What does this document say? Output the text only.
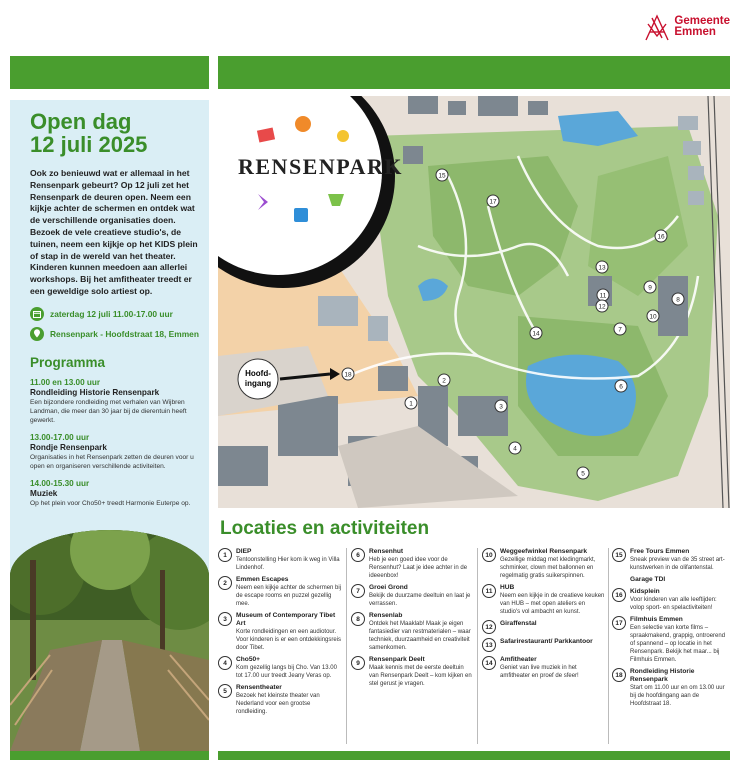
Gemeente
Emmen
Open dag
12 juli 2025

Ook zo benieuwd wat er allemaal in het Rensenpark gebeurt? Op 12 juli zet het Rensenpark de deuren open. Neem een kijkje achter de schermen en ontdek wat de verschillende organisaties doen. Bezoek de vele creatieve studio's, de tuinen, neem een kijkje op het KIDS plein of stap in de wereld van het theater. Kinderen kunnen meedoen aan allerlei workshops. Bij het amfitheater treedt er een geweldige solo artiest op.

zaterdag 12 juli 11.00-17.00 uur
Rensenpark - Hoofdstraat 18, Emmen
Programma
11.00 en 13.00 uur
Rondleiding Historie Rensenpark
Een bijzondere rondleiding met verhalen van Wijbren Landman, die meer dan 30 jaar bij de dierentuin heeft gewerkt.
13.00-17.00 uur
Rondje Rensenpark
Organisaties in het Rensenpark zetten de deuren voor u open en organiseren verschillende activiteiten.
14.00-15.30 uur
Muziek
Op het plein voor Cho50+ treedt Harmonie Euterpe op.
RENSENPARK
Hoofd-
ingang
18
1
2
3
4
5
6
7
8
9
10
11
12
13
14
15
16
17
Locaties en activiteiten
1	DIEP
Tentoonstelling Hier kom ik weg in Villa Lindenhof.
2	Emmen Escapes
Neem een kijkje achter de schermen bij de escape rooms en puzzel gezellig mee.
3	Museum of Contemporary Tibet Art
Korte rondleidingen en een audiotour. Voor kinderen is er een ontdekkingsreis door Tibet.
4	Cho50+
Kom gezellig langs bij Cho. Van 13.00 tot 17.00 uur treedt Jeany Veras op.
5	Rensentheater
Bezoek het kleinste theater van Nederland voor een grootse rondleiding.
6	Rensenhut
Heb je een goed idee voor de Rensenhut? Laat je idee achter in de ideeenbox!
7	Groei Grond
Bekijk de duurzame deeltuin en laat je verrassen.
8	Rensenlab
Ontdek het Maaklab! Maak je eigen fantasiedier van restmaterialen – waar techniek, duurzaamheid en creativiteit samenkomen.
9	Rensenpark Deelt
Maak kennis met de eerste deeltuin van Rensenpark Deelt – kom kijken en stel gerust je vragen.
10	Weggeefwinkel Rensenpark
Gezellige middag met kledingmarkt, schminker, clown met ballonnen en regelmatig gratis suikerspinnen.
11	HUB
Neem een kijkje in de creatieve keuken van HUB – met open ateliers en studio's vol ambacht en kunst.
12	Giraffenstal
13	Safarirestaurant/ Parkkantoor
14	Amfitheater
Geniet van live muziek in het amfitheater en proef de sfeer!
15	Free Tours Emmen
Sneak preview van de 35 street art-kunstwerken in de olifantenstal.
Garage TDI
16	Kidsplein
Voor kinderen van alle leeftijden: volop sport- en spelactiviteiten!
17	Filmhuis Emmen
Een selectie van korte films – spraakmakend, grappig, ontroerend of spannend – op locatie in het Rensenpark. Bekijk het maar... bij Filmhuis Emmen.
18	Rondleiding Historie Rensenpark
Start om 11.00 uur en om 13.00 uur bij de hoofdingang aan de Hoofdstraat 18.
